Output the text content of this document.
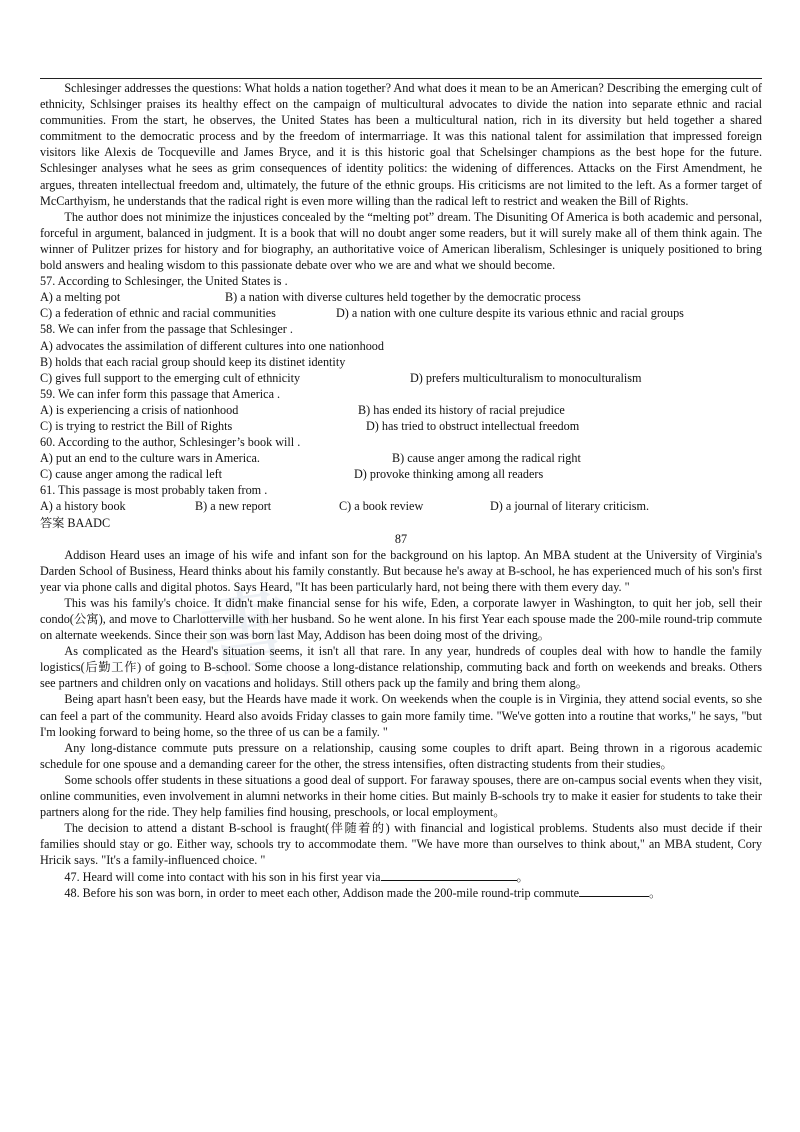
書

Schlesinger addresses the questions: What holds a nation together? And what does it mean to be an American? Describing the emerging cult of ethnicity, Schlsinger praises its healthy effect on the campaign of multicultural advocates to divide the nation into separate ethnic and racial communities. From the start, he observes, the United States has been a multicultural nation, rich in its diversity but held together a shared commitment to the democratic process and by the freedom of intermarriage. It was this national talent for assimilation that impressed foreign visitors like Alexis de Tocqueville and James Bryce, and it is this historic goal that Schelsinger champions as the best hope for the future. Schlesinger analyses what he sees as grim consequences of identity politics: the widening of differences. Attacks on the First Amendment, he argues, threaten intellectual freedom and, ultimately, the future of the ethnic groups. His criticisms are not limited to the left. As a former target of McCarthyism, he understands that the radical right is even more willing than the radical left to restrict and weaken the Bill of Rights.

The author does not minimize the injustices concealed by the “melting pot” dream. The Disuniting Of America is both academic and personal, forceful in argument, balanced in judgment. It is a book that will no doubt anger some readers, but it will surely make all of them think again. The winner of Pulitzer prizes for history and for biography, an authoritative voice of American liberalism, Schlesinger is uniquely positioned to bring bold answers and healing wisdom to this passionate debate over who we are and what we should become.

57. According to Schlesinger, the United States is .
A) a melting pot	B) a nation with diverse cultures held together by the democratic process
C) a federation of ethnic and racial communities	D) a nation with one culture despite its various ethnic and racial groups
58. We can infer from the passage that Schlesinger .
A) advocates the assimilation of different cultures into one nationhood
B) holds that each racial group should keep its distinet identity
C) gives full support to the emerging cult of ethnicity	D) prefers multiculturalism to monoculturalism
59. We can infer form this passage that America .
A) is experiencing a crisis of nationhood	B) has ended its history of racial prejudice
C) is trying to restrict the Bill of Rights	D) has tried to obstruct intellectual freedom
60. According to the author, Schlesinger’s book will .
A) put an end to the culture wars in America.	B) cause anger among the radical right
C) cause anger among the radical left	D) provoke thinking among all readers
61. This passage is most probably taken from .
A) a history book	B) a new report	C) a book review	D) a journal of literary criticism.
答案 BAADC
87

Addison Heard uses an image of his wife and infant son for the background on his laptop. An MBA student at the University of Virginia's Darden School of Business, Heard thinks about his family constantly. But because he's away at B-school, he has experienced much of his son's first year via phone calls and digital photos. Says Heard, "It has been particularly hard, not being there with them every day. "

This was his family's choice. It didn't make financial sense for his wife, Eden, a corporate lawyer in Washington, to quit her job, sell their condo(公寓), and move to Charlotterville with her husband. So he went alone. In his first Year each spouse made the 200-mile round-trip commute on alternate weekends. Since their son was born last May, Addison has been doing most of the driving。

As complicated as the Heard's situation seems, it isn't all that rare. In any year, hundreds of couples deal with how to handle the family logistics(后勤工作) of going to B-school. Some choose a long-distance relationship, commuting back and forth on weekends and breaks. Others see partners and children only on vacations and holidays. Still others pack up the family and bring them along。

Being apart hasn't been easy, but the Heards have made it work. On weekends when the couple is in Virginia, they attend social events, so she can feel a part of the community. Heard also avoids Friday classes to gain more family time. "We've gotten into a routine that works," he says, "but I'm looking forward to being home, so the three of us can be a family. "

Any long-distance commute puts pressure on a relationship, causing some couples to drift apart. Being thrown in a rigorous academic schedule for one spouse and a demanding career for the other, the stress intensifies, often distracting students from their studies。

Some schools offer students in these situations a good deal of support. For faraway spouses, there are on-campus social events when they visit, online communities, even involvement in alumni networks in their home cities. But mainly B-schools try to make it easier for students to take their partners along for the ride. They help families find housing, preschools, or local employment。

The decision to attend a distant B-school is fraught(伴随着的) with financial and logistical problems. Students also must decide if their families should stay or go. Either way, schools try to accommodate them. "We have more than ourselves to think about," an MBA student, Cory Hricik says. "It's a family-influenced choice. "

47. Heard will come into contact with his son in his first year via	。
48. Before his son was born, in order to meet each other, Addison made the 200-mile round-trip commute	。
